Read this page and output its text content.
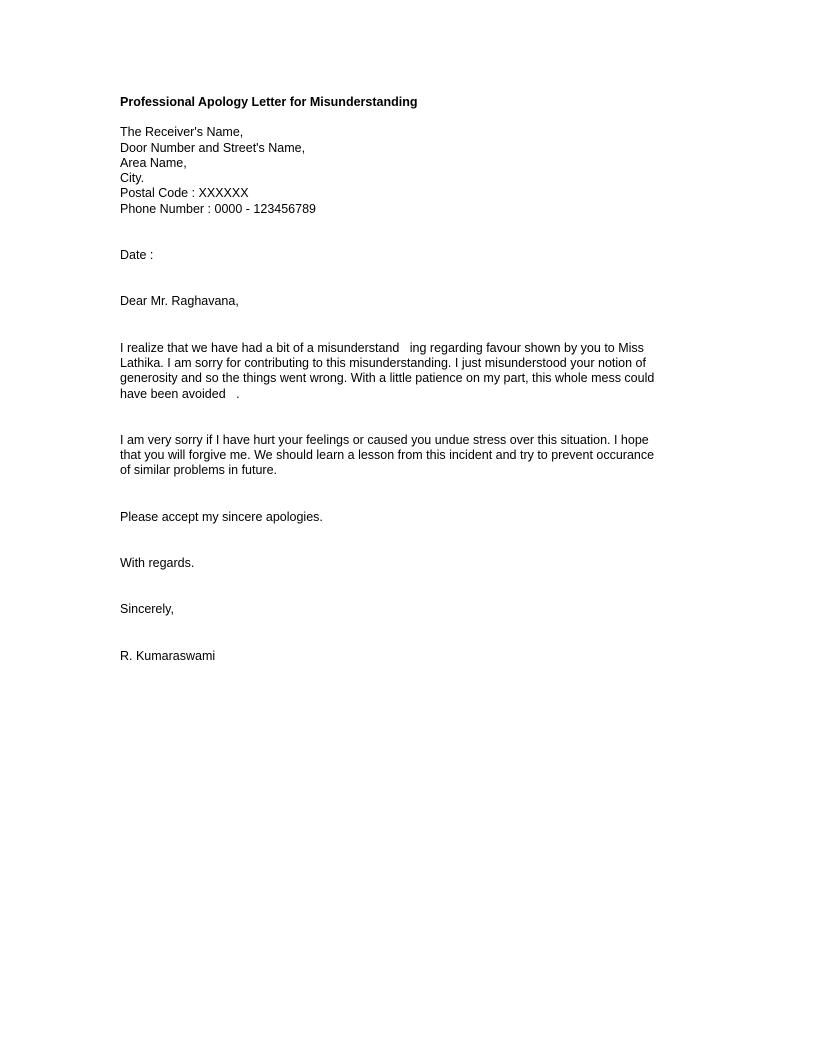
Professional Apology Letter for Misunderstanding
The Receiver's Name,
Door Number and Street's Name,
Area Name,
City.
Postal Code : XXXXXX
Phone Number : 0000 - 123456789
Date :
Dear Mr. Raghavana,
I realize that we have had a bit of a misunderstand   ing regarding favour shown by you to Miss
Lathika. I am sorry for contributing to this misunderstanding. I just misunderstood your notion of
generosity and so the things went wrong. With a little patience on my part, this whole mess could
have been avoided   .
I am very sorry if I have hurt your feelings or caused you undue stress over this situation. I hope
that you will forgive me. We should learn a lesson from this incident and try to prevent occurance
of similar problems in future.
Please accept my sincere apologies.
With regards.
Sincerely,
R. Kumaraswami
